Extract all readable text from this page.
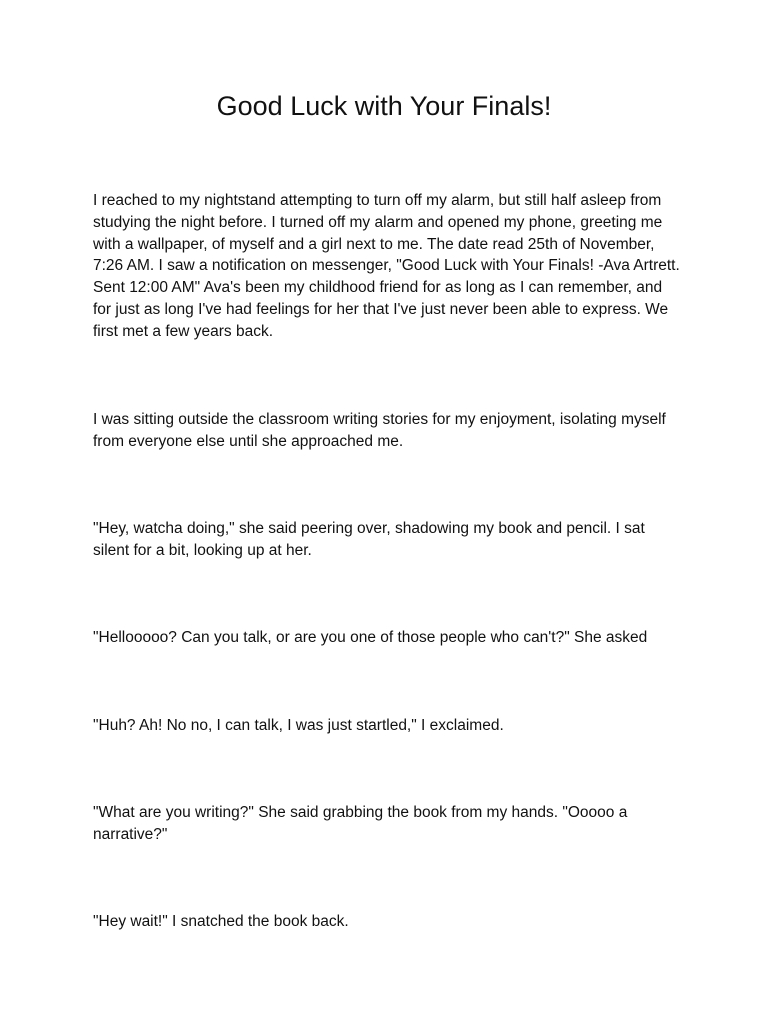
Good Luck with Your Finals!

I reached to my nightstand attempting to turn off my alarm, but still half asleep from studying the night before. I turned off my alarm and opened my phone, greeting me with a wallpaper, of myself and a girl next to me. The date read 25th of November, 7:26 AM. I saw a notification on messenger, "Good Luck with Your Finals! -Ava Artrett. Sent 12:00 AM" Ava's been my childhood friend for as long as I can remember, and for just as long I've had feelings for her that I've just never been able to express. We first met a few years back.

I was sitting outside the classroom writing stories for my enjoyment, isolating myself from everyone else until she approached me.

"Hey, watcha doing," she said peering over, shadowing my book and pencil. I sat silent for a bit, looking up at her.

"Hellooooo? Can you talk, or are you one of those people who can't?" She asked

"Huh? Ah! No no, I can talk, I was just startled," I exclaimed.

"What are you writing?" She said grabbing the book from my hands. "Ooooo a narrative?"

"Hey wait!" I snatched the book back.
